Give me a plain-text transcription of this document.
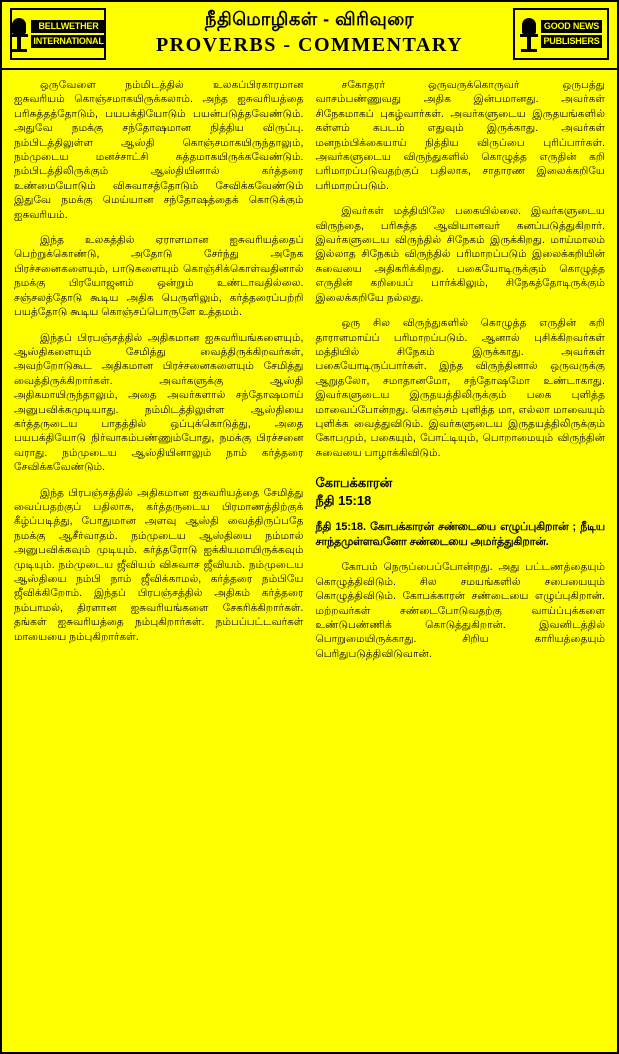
BELLWETHER
INTERNATIONAL
நீதிமொழிகள் - விரிவுரை
PROVERBS - COMMENTARY
GOOD NEWS
PUBLISHERS

ஒருவேளை நம்மிடத்தில் உலகப்பிரகாரமான ஐசுவரியம் கொஞ்சமாகயிருக்கலாம். அந்த ஐசுவரியத்தை பரிசுத்தத்தோடும், பயபக்தியோடும் பயன்படுத்தவேண்டும். அதுவே நமக்கு சந்தோஷமான நித்திய விருப்பு. நம்பிடத்திலுள்ள ஆஸ்தி கொஞ்சமாகயிருந்தாலும், நம்முடைய மனச்சாட்சி சுத்தமாகயிருக்கவேண்டும். நம்பிடத்திலிருக்கும் ஆஸ்தியினால் கர்த்தரை உண்மையோடும் விசுவாசத்தோடும் சேவிக்கவேண்டும் இதுவே நமக்கு மெய்யான சந்தோஷத்தைக் கொடுக்கும் ஐசுவரியம்.

இந்த உலகத்தில் ஏராளமான ஐசுவரியத்தைப் பெற்றுக்கொண்டு, அதோடு சேர்ந்து அநேக பிரச்சனைகளையும், பாடுகளையும் கொஞ்சிக்கொள்வதினால் நமக்கு பிரயோஜனம் ஒன்றும் உண்டாவதில்லை. சஞ்சலத்தோடு கூடிய அதிக பெருளிலும், கர்த்தரைப்பற்றி பயத்தோடு கூடிய கொஞ்சப்பொருளே உத்தமம்.

இந்தப் பிரபஞ்சத்தில் அதிகமான ஐசுவரியங்களையும், ஆஸ்திகளையும் சேமித்து வைத்திருக்கிறவர்கள், அவற்றோடுகூட அதிகமான பிரச்சனைகளையும் சேமித்து வைத்திருக்கிறார்கள். அவர்களுக்கு ஆஸ்தி அதிகமாயிருந்தாலும், அதை அவர்களால் சந்தோஷமாய் அனுபவிக்கமுடியாது. நம்மிடத்திலுள்ள ஆஸ்தியை கர்த்தருடைய பாதத்தில் ஒப்புக்கொடுத்து, அதை பயபக்தியோடு நிர்வாகம்பண்ணும்போது, நமக்கு பிரச்சனை வராது. நம்முடைய ஆஸ்தியினாலும் நாம் கர்த்தரை சேவிக்கவேண்டும்.

இந்த பிரபஞ்சத்தில் அதிகமான ஐசுவரியத்தை சேமித்து வைப்பதற்குப் பதிலாக, கர்த்தருடைய பிரமாணத்திற்குக் கீழ்ப்படித்து, போதுமான அளவு ஆஸ்தி வைத்திருப்பதே நமக்கு ஆசீர்வாதம். நம்முடைய ஆஸ்தியை நம்மால் அனுபவிக்கவும் முடியும். கர்த்தரோடு ஐக்கியமாயிருக்கவும் முடியும். நம்முடைய ஜீவியம் விசுவாச ஜீவியம். நம்முடைய ஆஸ்தியை நம்பி நாம் ஜீவிக்காமல், கர்த்தரை நம்பியே ஜீவிக்கிறோம். இந்தப் பிரபஞ்சத்தில் அதிகம் கர்த்தரை நம்பாமல், திரளான ஐசுவரியங்களை சேகரிக்கிறார்கள். தங்கள் ஐசுவரியத்தை நம்புகிறார்கள். நம்பப்பட்டவர்கள் மாயையை நம்புகிறார்கள்.

சகோதரர் ஒருவருக்கொருவர் ஒருபத்து வாசம்பண்ணுவது அதிக இன்பமானது. அவர்கள் சிநேகமாகப் புகழ்வார்கள். அவர்களுடைய இருதயங்களில் கள்ளம் கபடம் எதுவும் இருக்காது. அவர்கள் மனநம்பிக்கையாய் நித்திய விருப்பை புரிப்பார்கள். அவர்களுடைய விருந்துகளில் கொழுத்த எருதின் கறி பரிமாறப்படுவதற்குப் பதிலாக, சாதாரண இலைக்கறியே பரிமாறப்படும்.

இவர்கள் மத்தியிலே பகையில்லை. இவர்களுடைய விருந்தை, பரிசுத்த ஆவியானவர் கனப்படுத்துகிறார். இவர்களுடைய விருந்தில் சிநேகம் இருக்கிறது. மாய்மாலம் இல்லாத சிநேகம் விருந்தில் பரிமாறப்படும் இலைக்கறியின் சுவையை அதிகரிக்கிறது. பகையோடிருக்கும் கொழுத்த எருதின் கறியைப் பார்க்கிலும், சிநேகத்தோடிருக்கும் இலைக்கறியே நல்லது.

ஒரு சில விருந்துகளில் கொழுத்த எருதின் கறி தாராளமாய்ப் பரிமாறப்படும். ஆனால் புசிக்கிறவர்கள் மத்தியில் சிநேகம் இருக்காது. அவர்கள் பகையோடிருப்பார்கள். இந்த விருந்தினால் ஒருவருக்கு ஆறுதலோ, சமாதானமோ, சந்தோஷமோ உண்டாகாது. இவர்களுடைய இருதயத்திலிருக்கும் பகை புளித்த மாவைப்போன்றது. கொஞ்சம் புளித்த மா, எல்லா மாவையும் புளிக்க வைத்துவிடும். இவர்களுடைய இருதயத்திலிருக்கும் கோபமும், பகையும், போட்டியும், பொறாமையும் விருந்தின் சுவையை பாழாக்கிவிடும்.

கோபக்காரன்
நீதி 15:18

நீதி 15:18. கோபக்காரன் சண்டையை எழுப்புகிறான் ; நீடிய சாந்தமுள்ளவனோ சண்டையை அமர்த்துகிறான்.

கோபம் நெருப்பைப்போன்றது. அது பட்டணத்தையும் கொழுத்திவிடும். சில சமயங்களில் சபையையும் கொழுத்திவிடும். கோபக்காரன் சண்டையை எழுப்புகிறான். மற்றவர்கள் சண்டைபோடுவதற்கு வாய்ப்புக்களை உண்டுபண்ணிக் கொடுத்துகிறான். இவனிடத்தில் பொறுமையிருக்காது. சிறிய காரியத்தையும் பெரிதுபடுத்திவிடுவான்.
